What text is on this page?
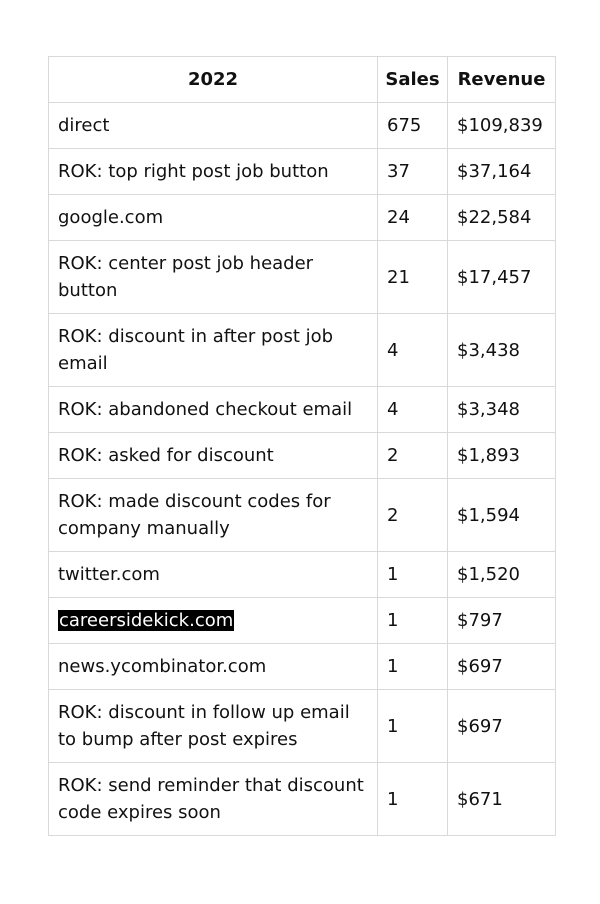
2022	Sales	Revenue
direct	675	$109,839
ROK: top right post job button	37	$37,164
google.com	24	$22,584
ROK: center post job header button	21	$17,457
ROK: discount in after post job email	4	$3,438
ROK: abandoned checkout email	4	$3,348
ROK: asked for discount	2	$1,893
ROK: made discount codes for company manually	2	$1,594
twitter.com	1	$1,520
careersidekick.com	1	$797
news.ycombinator.com	1	$697
ROK: discount in follow up email to bump after post expires	1	$697
ROK: send reminder that discount code expires soon	1	$671
